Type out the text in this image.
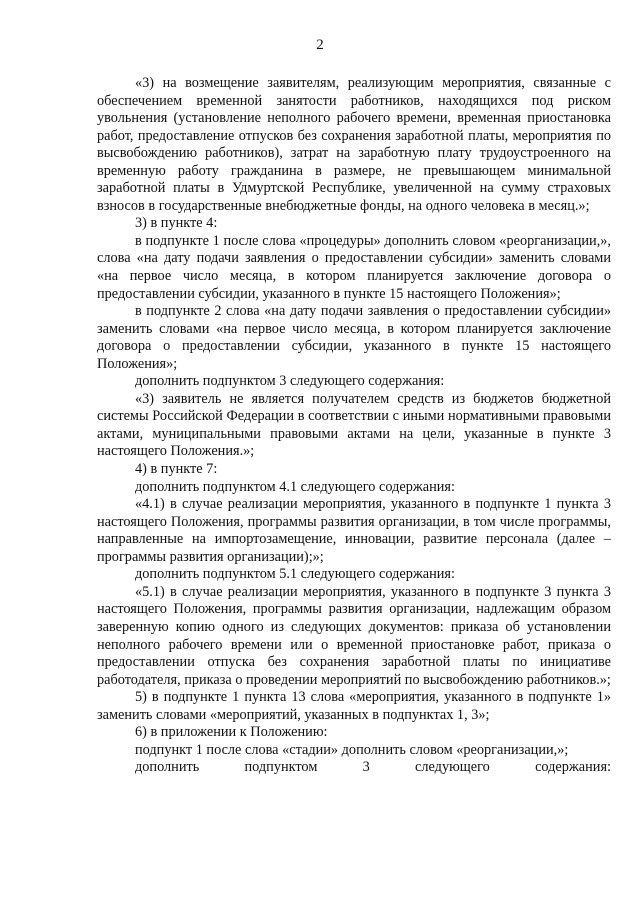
2

«3) на возмещение заявителям, реализующим мероприятия, связанные с обеспечением временной занятости работников, находящихся под риском увольнения (установление неполного рабочего времени, временная приостановка работ, предоставление отпусков без сохранения заработной платы, мероприятия по высвобождению работников), затрат на заработную плату трудоустроенного на временную работу гражданина в размере, не превышающем минимальной заработной платы в Удмуртской Республике, увеличенной на сумму страховых взносов в государственные внебюджетные фонды, на одного человека в месяц.»;

3) в пункте 4:

в подпункте 1 после слова «процедуры» дополнить словом «реорганизации,», слова «на дату подачи заявления о предоставлении субсидии» заменить словами «на первое число месяца, в котором планируется заключение договора о предоставлении субсидии, указанного в пункте 15 настоящего Положения»;

в подпункте 2 слова «на дату подачи заявления о предоставлении субсидии» заменить словами «на первое число месяца, в котором планируется заключение договора о предоставлении субсидии, указанного в пункте 15 настоящего Положения»;

дополнить подпунктом 3 следующего содержания:

«3) заявитель не является получателем средств из бюджетов бюджетной системы Российской Федерации в соответствии с иными нормативными правовыми актами, муниципальными правовыми актами на цели, указанные в пункте 3 настоящего Положения.»;

4) в пункте 7:

дополнить подпунктом 4.1 следующего содержания:

«4.1) в случае реализации мероприятия, указанного в подпункте 1 пункта 3 настоящего Положения, программы развития организации, в том числе программы, направленные на импортозамещение, инновации, развитие персонала (далее – программы развития организации);»;

дополнить подпунктом 5.1 следующего содержания:

«5.1) в случае реализации мероприятия, указанного в подпункте 3 пункта 3 настоящего Положения, программы развития организации, надлежащим образом заверенную копию одного из следующих документов: приказа об установлении неполного рабочего времени или о временной приостановке работ, приказа о предоставлении отпуска без сохранения заработной платы по инициативе работодателя, приказа о проведении мероприятий по высвобождению работников.»;

5) в подпункте 1 пункта 13 слова «мероприятия, указанного в подпункте 1» заменить словами «мероприятий, указанных в подпунктах 1, 3»;

6) в приложении к Положению:

подпункт 1 после слова «стадии» дополнить словом «реорганизации,»;

дополнить подпунктом 3 следующего содержания:
